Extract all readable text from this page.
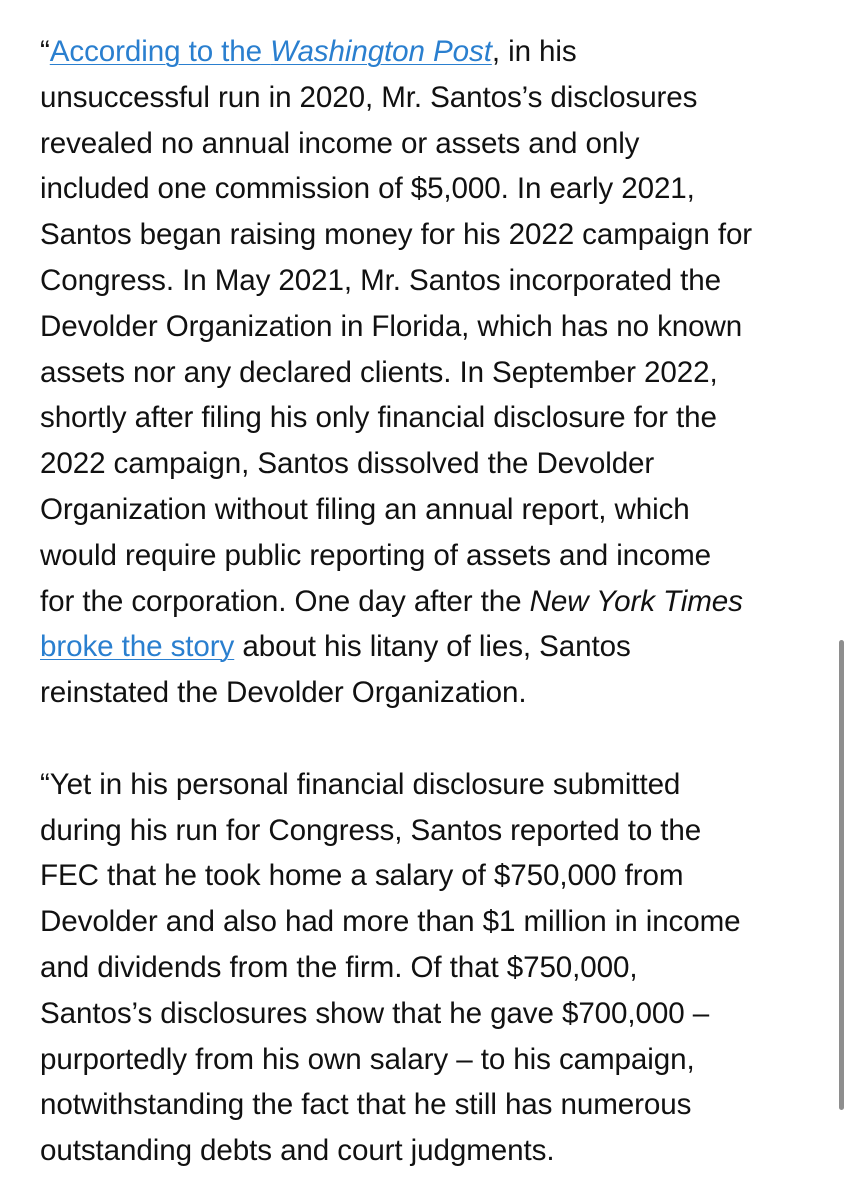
“According to the Washington Post, in his
unsuccessful run in 2020, Mr. Santos’s disclosures
revealed no annual income or assets and only
included one commission of $5,000. In early 2021,
Santos began raising money for his 2022 campaign for
Congress. In May 2021, Mr. Santos incorporated the
Devolder Organization in Florida, which has no known
assets nor any declared clients. In September 2022,
shortly after filing his only financial disclosure for the
2022 campaign, Santos dissolved the Devolder
Organization without filing an annual report, which
would require public reporting of assets and income
for the corporation. One day after the New York Times
broke the story about his litany of lies, Santos
reinstated the Devolder Organization.

“Yet in his personal financial disclosure submitted
during his run for Congress, Santos reported to the
FEC that he took home a salary of $750,000 from
Devolder and also had more than $1 million in income
and dividends from the firm. Of that $750,000,
Santos’s disclosures show that he gave $700,000 –
purportedly from his own salary – to his campaign,
notwithstanding the fact that he still has numerous
outstanding debts and court judgments.
